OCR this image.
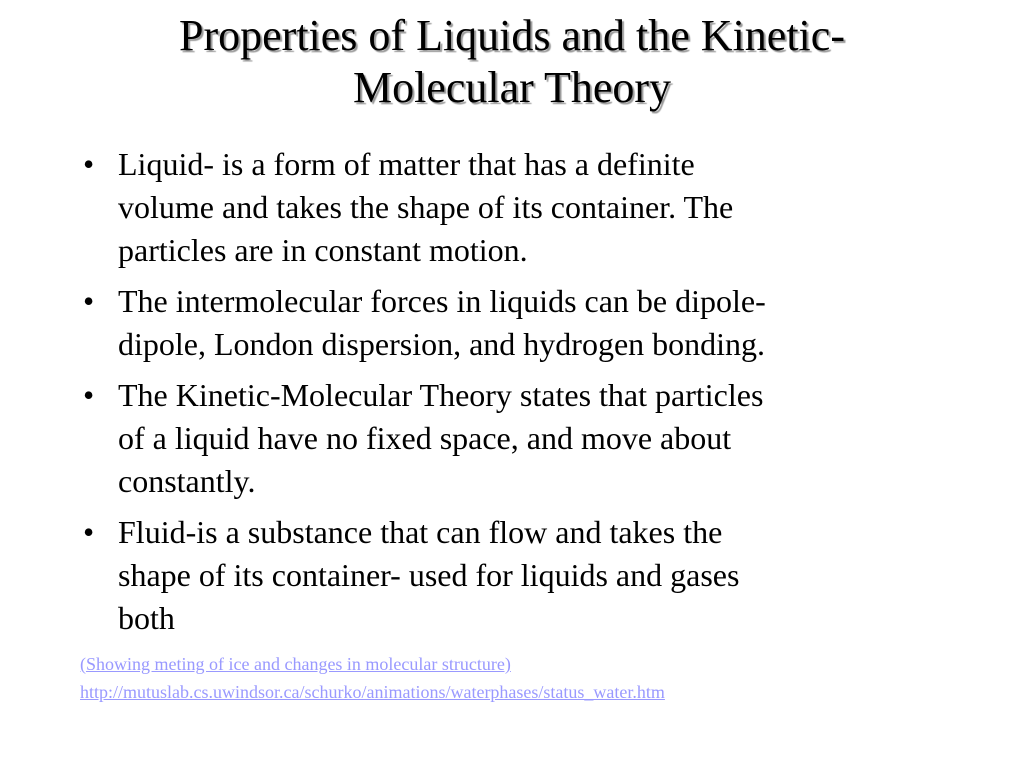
Properties of Liquids and the Kinetic-
Molecular Theory
• Liquid- is a form of matter that has a definite
volume and takes the shape of its container. The
particles are in constant motion.
• The intermolecular forces in liquids can be dipole-
dipole, London dispersion, and hydrogen bonding.
• The Kinetic-Molecular Theory states that particles
of a liquid have no fixed space, and move about
constantly.
• Fluid-is a substance that can flow and takes the
shape of its container- used for liquids and gases
both
(Showing meting of ice and changes in molecular structure)
http://mutuslab.cs.uwindsor.ca/schurko/animations/waterphases/status_water.htm
